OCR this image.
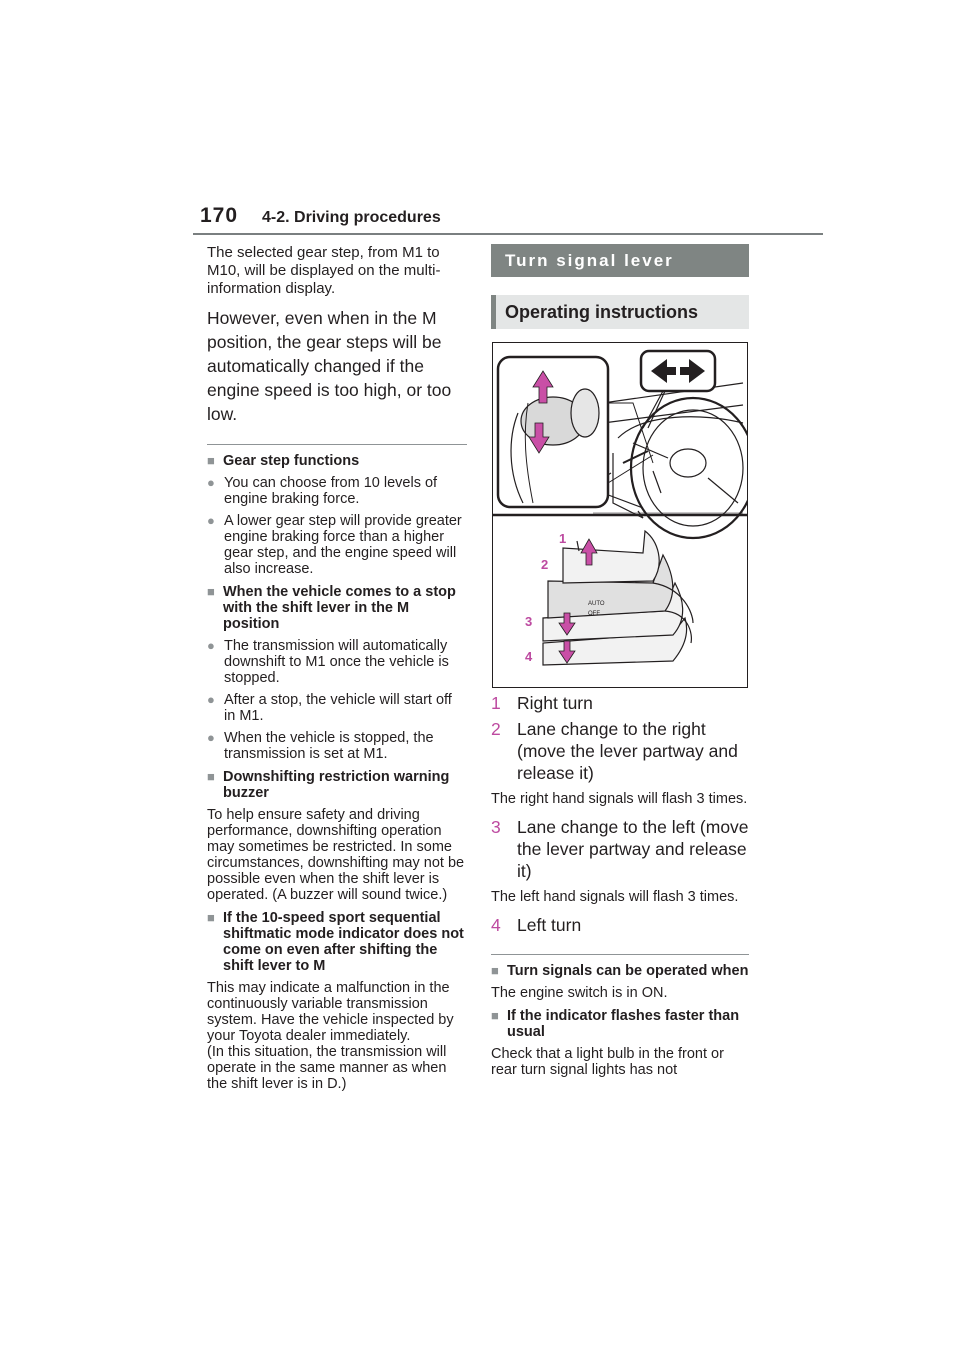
170 4-2. Driving procedures

The selected gear step, from M1 to M10, will be displayed on the multi-information display.

However, even when in the M position, the gear steps will be automatically changed if the engine speed is too high, or too low.

■ Gear step functions

● You can choose from 10 levels of engine braking force.

● A lower gear step will provide greater engine braking force than a higher gear step, and the engine speed will also increase.

■ When the vehicle comes to a stop with the shift lever in the M position

● The transmission will automatically downshift to M1 once the vehicle is stopped.

● After a stop, the vehicle will start off in M1.

● When the vehicle is stopped, the transmission is set at M1.

■ Downshifting restriction warning buzzer

To help ensure safety and driving performance, downshifting operation may sometimes be restricted. In some circumstances, downshifting may not be possible even when the shift lever is operated. (A buzzer will sound twice.)

■ If the 10-speed sport sequential shiftmatic mode indicator does not come on even after shifting the shift lever to M

This may indicate a malfunction in the continuously variable transmission system. Have the vehicle inspected by your Toyota dealer immediately.

(In this situation, the transmission will operate in the same manner as when the shift lever is in D.)

Turn signal lever
Operating instructions
AUTO
OFF
1
2
3
4

1 Right turn

2 Lane change to the right (move the lever partway and release it)

The right hand signals will flash 3 times.

3 Lane change to the left (move the lever partway and release it)

The left hand signals will flash 3 times.

4 Left turn

■ Turn signals can be operated when

The engine switch is in ON.

■ If the indicator flashes faster than usual

Check that a light bulb in the front or rear turn signal lights has not
